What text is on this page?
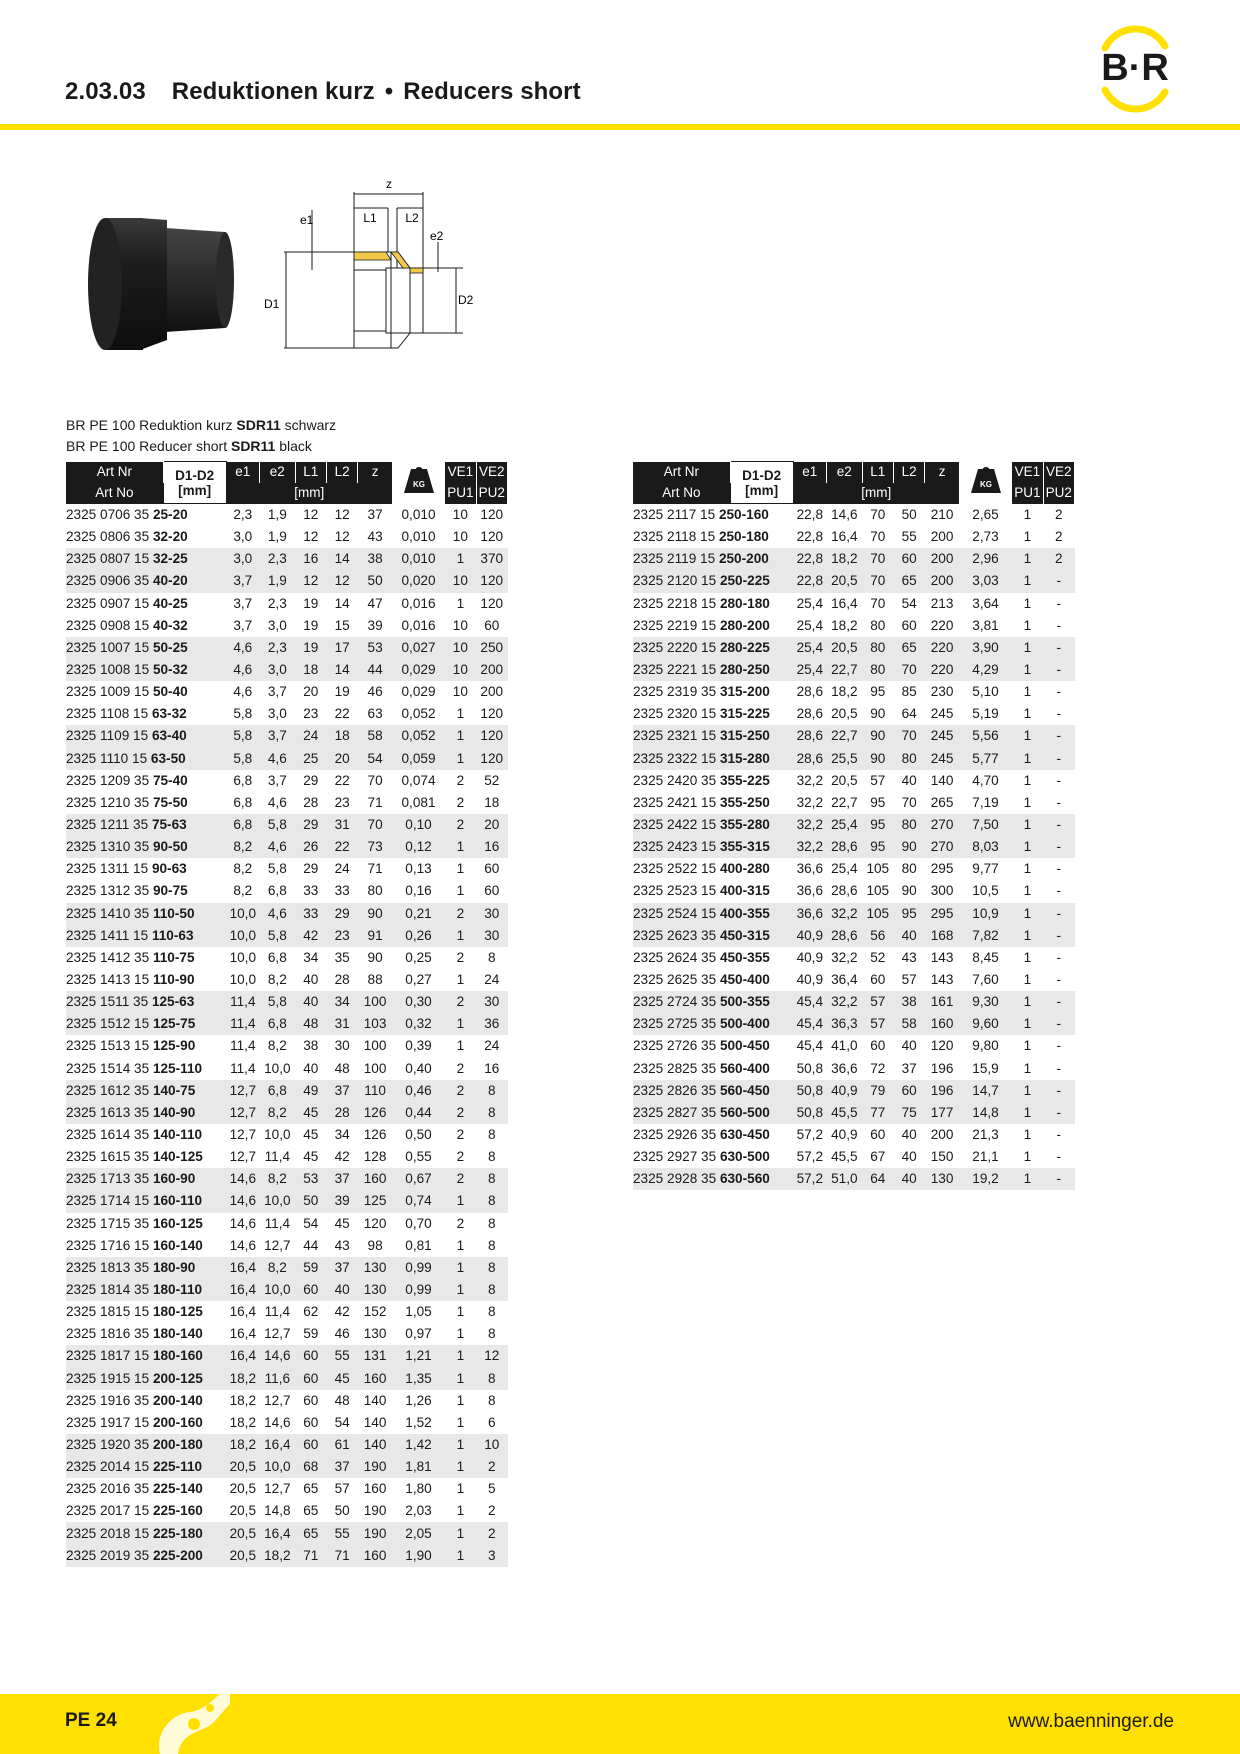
2.03.03 Reduktionen kurz • Reducers short
B·R
z
e1	L1 L2
e2
D1	D2
BR PE 100 Reduktion kurz SDR11 schwarz
BR PE 100 Reducer short SDR11 black
Art Nr	D1-D2
[mm]	e1	e2	L1	L2	z	KG	VE1	VE2
Art No		[mm]						PU1	PU2
2325 0706 35 25-20		2,3	1,9	12	12	37	0,010	10	120
2325 0806 35 32-20		3,0	1,9	12	12	43	0,010	10	120
2325 0807 15 32-25		3,0	2,3	16	14	38	0,010	1	370
2325 0906 35 40-20		3,7	1,9	12	12	50	0,020	10	120
2325 0907 15 40-25		3,7	2,3	19	14	47	0,016	1	120
2325 0908 15 40-32		3,7	3,0	19	15	39	0,016	10	60
2325 1007 15 50-25		4,6	2,3	19	17	53	0,027	10	250
2325 1008 15 50-32		4,6	3,0	18	14	44	0,029	10	200
2325 1009 15 50-40		4,6	3,7	20	19	46	0,029	10	200
2325 1108 15 63-32		5,8	3,0	23	22	63	0,052	1	120
2325 1109 15 63-40		5,8	3,7	24	18	58	0,052	1	120
2325 1110 15 63-50		5,8	4,6	25	20	54	0,059	1	120
2325 1209 35 75-40		6,8	3,7	29	22	70	0,074	2	52
2325 1210 35 75-50		6,8	4,6	28	23	71	0,081	2	18
2325 1211 35 75-63		6,8	5,8	29	31	70	0,10	2	20
2325 1310 35 90-50		8,2	4,6	26	22	73	0,12	1	16
2325 1311 15 90-63		8,2	5,8	29	24	71	0,13	1	60
2325 1312 35 90-75		8,2	6,8	33	33	80	0,16	1	60
2325 1410 35 110-50		10,0	4,6	33	29	90	0,21	2	30
2325 1411 15 110-63		10,0	5,8	42	23	91	0,26	1	30
2325 1412 35 110-75		10,0	6,8	34	35	90	0,25	2	8
2325 1413 15 110-90		10,0	8,2	40	28	88	0,27	1	24
2325 1511 35 125-63		11,4	5,8	40	34	100	0,30	2	30
2325 1512 15 125-75		11,4	6,8	48	31	103	0,32	1	36
2325 1513 15 125-90		11,4	8,2	38	30	100	0,39	1	24
2325 1514 35 125-110		11,4	10,0	40	48	100	0,40	2	16
2325 1612 35 140-75		12,7	6,8	49	37	110	0,46	2	8
2325 1613 35 140-90		12,7	8,2	45	28	126	0,44	2	8
2325 1614 35 140-110		12,7	10,0	45	34	126	0,50	2	8
2325 1615 35 140-125		12,7	11,4	45	42	128	0,55	2	8
2325 1713 35 160-90		14,6	8,2	53	37	160	0,67	2	8
2325 1714 15 160-110		14,6	10,0	50	39	125	0,74	1	8
2325 1715 35 160-125		14,6	11,4	54	45	120	0,70	2	8
2325 1716 15 160-140		14,6	12,7	44	43	98	0,81	1	8
2325 1813 35 180-90		16,4	8,2	59	37	130	0,99	1	8
2325 1814 35 180-110		16,4	10,0	60	40	130	0,99	1	8
2325 1815 15 180-125		16,4	11,4	62	42	152	1,05	1	8
2325 1816 35 180-140		16,4	12,7	59	46	130	0,97	1	8
2325 1817 15 180-160		16,4	14,6	60	55	131	1,21	1	12
2325 1915 15 200-125		18,2	11,6	60	45	160	1,35	1	8
2325 1916 35 200-140		18,2	12,7	60	48	140	1,26	1	8
2325 1917 15 200-160		18,2	14,6	60	54	140	1,52	1	6
2325 1920 35 200-180		18,2	16,4	60	61	140	1,42	1	10
2325 2014 15 225-110		20,5	10,0	68	37	190	1,81	1	2
2325 2016 35 225-140		20,5	12,7	65	57	160	1,80	1	5
2325 2017 15 225-160		20,5	14,8	65	50	190	2,03	1	2
2325 2018 15 225-180		20,5	16,4	65	55	190	2,05	1	2
2325 2019 35 225-200		20,5	18,2	71	71	160	1,90	1	3
Art Nr	D1-D2
[mm]	e1	e2	L1	L2	z	KG	VE1	VE2
Art No		[mm]						PU1	PU2
2325 2117 15 250-160		22,8	14,6	70	50	210	2,65	1	2
2325 2118 15 250-180		22,8	16,4	70	55	200	2,73	1	2
2325 2119 15 250-200		22,8	18,2	70	60	200	2,96	1	2
2325 2120 15 250-225		22,8	20,5	70	65	200	3,03	1	-
2325 2218 15 280-180		25,4	16,4	70	54	213	3,64	1	-
2325 2219 15 280-200		25,4	18,2	80	60	220	3,81	1	-
2325 2220 15 280-225		25,4	20,5	80	65	220	3,90	1	-
2325 2221 15 280-250		25,4	22,7	80	70	220	4,29	1	-
2325 2319 35 315-200		28,6	18,2	95	85	230	5,10	1	-
2325 2320 15 315-225		28,6	20,5	90	64	245	5,19	1	-
2325 2321 15 315-250		28,6	22,7	90	70	245	5,56	1	-
2325 2322 15 315-280		28,6	25,5	90	80	245	5,77	1	-
2325 2420 35 355-225		32,2	20,5	57	40	140	4,70	1	-
2325 2421 15 355-250		32,2	22,7	95	70	265	7,19	1	-
2325 2422 15 355-280		32,2	25,4	95	80	270	7,50	1	-
2325 2423 15 355-315		32,2	28,6	95	90	270	8,03	1	-
2325 2522 15 400-280		36,6	25,4	105	80	295	9,77	1	-
2325 2523 15 400-315		36,6	28,6	105	90	300	10,5	1	-
2325 2524 15 400-355		36,6	32,2	105	95	295	10,9	1	-
2325 2623 35 450-315		40,9	28,6	56	40	168	7,82	1	-
2325 2624 35 450-355		40,9	32,2	52	43	143	8,45	1	-
2325 2625 35 450-400		40,9	36,4	60	57	143	7,60	1	-
2325 2724 35 500-355		45,4	32,2	57	38	161	9,30	1	-
2325 2725 35 500-400		45,4	36,3	57	58	160	9,60	1	-
2325 2726 35 500-450		45,4	41,0	60	40	120	9,80	1	-
2325 2825 35 560-400		50,8	36,6	72	37	196	15,9	1	-
2325 2826 35 560-450		50,8	40,9	79	60	196	14,7	1	-
2325 2827 35 560-500		50,8	45,5	77	75	177	14,8	1	-
2325 2926 35 630-450		57,2	40,9	60	40	200	21,3	1	-
2325 2927 35 630-500		57,2	45,5	67	40	150	21,1	1	-
2325 2928 35 630-560		57,2	51,0	64	40	130	19,2	1	-
PE 24	www.baenninger.de
